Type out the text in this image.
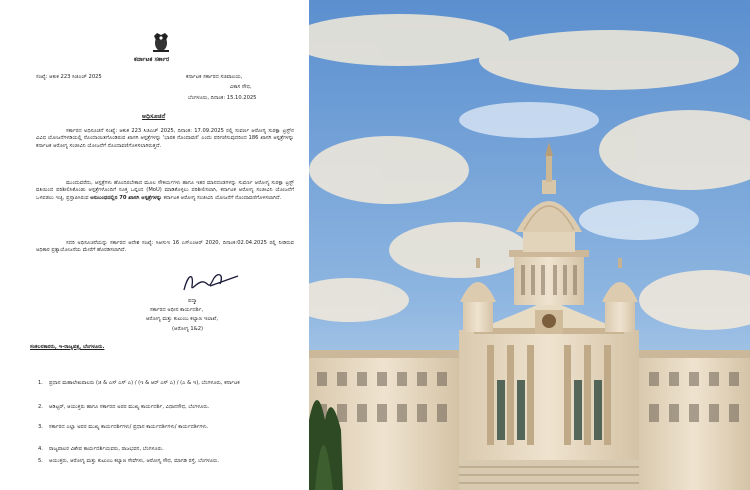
ಕರ್ನಾಟಕ ಸರ್ಕಾರ
ಸಂಖ್ಯೆ: ಆಕುಕ 223 ಸಿಜಿಎಚ್ 2025	ಕರ್ನಾಟಕ ಸರ್ಕಾರದ ಸಚಿವಾಲಯ,
ವಿಕಾಸ ಸೌಧ,
ಬೆಂಗಳೂರು, ದಿನಾಂಕ: 15.10.2025
ಅಧಿಸೂಚನೆ
ಸರ್ಕಾರದ ಅಧಿಸೂಚನೆ ಸಂಖ್ಯೆ: ಆಕುಕ 223 ಸಿಜಿಎಚ್ 2025, ದಿನಾಂಕ: 17.09.2025 ರಲ್ಲಿ ಸುವರ್ಣ ಆರೋಗ್ಯ ಸುರಕ್ಷಾ ಟ್ರಸ್ಟ್‌ನ ವಿವಿಧ ಯೋಜನೆಗಳಡಿಯಲ್ಲಿ ನೊಂದಾಯಿತಗೊಂಡಿರುವ ಖಾಸಗಿ ಆಸ್ಪತ್ರೆಗಳನ್ನು 'ಭಾರತ ನೊಂದಾವಣಿ' ಎಂದು ಪರಿಗಣಿಸುವುದರಿಂದ 186 ಖಾಸಗಿ ಆಸ್ಪತ್ರೆಗಳನ್ನು ಕರ್ನಾಟಕ ಆರೋಗ್ಯ ಸಂಜೀವಿನಿ ಯೋಜನೆಗೆ ನೊಂದಾವಣಿಗೊಳಿಸಲಾಗಿರುತ್ತದೆ.
ಮುಂದುವರೆದು, ಆಸ್ಪತ್ರೆಗಳು ಹೊಂದಿರಬೇಕಾದ ಮೂಲ ಸೌಕರ್ಯಗಳು ಹಾಗೂ ಇತರ ಮಾನದಂಡಗಳನ್ನು ಸುವರ್ಣ ಆರೋಗ್ಯ ಸುರಕ್ಷಾ ಟ್ರಸ್ಟ್ ವತಿಯಿಂದ ಪರಿಶೀಲಿಸಿಕೊಂಡು ಆಸ್ಪತ್ರೆಗಳೊಂದಿಗೆ ಸೂಕ್ತ ಒಪ್ಪಂದ (MoU) ಮಾಡಿಕೊಳ್ಳಲು ಪರಿಶೀಲಿಸಲಾಗಿ, ಕರ್ನಾಟಕ ಆರೋಗ್ಯ ಸಂಜೀವಿನಿ ಯೋಜನೆಗೆ ಒಳಪಡಲು ಇಚ್ಛಿ, ಪ್ರಸ್ತಾಪಿಸಿರುವ ಅನುಬಂಧದಲ್ಲಿನ 70 ಖಾಸಗಿ ಆಸ್ಪತ್ರೆಗಳನ್ನು ಕರ್ನಾಟಕ ಆರೋಗ್ಯ ಸಂಜೀವಿನಿ ಯೋಜನೆಗೆ ನೊಂದಾವಣಿಗೊಳಿಸಲಾಗಿದೆ.
ಸದರಿ ಅಧಿಸೂಚನೆಯನ್ನು ಸರ್ಕಾರದ ಆದೇಶ ಸಂಖ್ಯೆ: ಸಿಆಸುಇ 16 ಎಸ್‌ಎಂಆರ್ 2020, ದಿನಾಂಕ:02.04.2025 ರಲ್ಲಿ ನೀಡಿರುವ ಅಧಿಕಾರ ಪ್ರತ್ಯಾಯೋಜನೆಯ ಮೇರೆಗೆ ಹೊರಡಿಸಲಾಗಿದೆ.
ಪದ್ಮಾ
ಸರ್ಕಾರದ ಅಧೀನ ಕಾರ್ಯದರ್ಶಿ,
ಆರೋಗ್ಯ ಮತ್ತು ಕುಟುಂಬ ಕಲ್ಯಾಣ ಇಲಾಖೆ,
(ಆರೋಗ್ಯ 1&2)
ಸಂಕಲನಕಾರರು, ಇ-ರಾಜ್ಯಪತ್ರ, ಬೆಂಗಳೂರು.
1. ಪ್ರಧಾನ ಮಹಾಲೇಖಪಾಲರು (ಜಿ & ಎಸ್ ಎಸ್ ಎ) / (ಇ & ಆರ್ ಎಸ್ ಎ) / (ಎ & ಇ), ಬೆಂಗಳೂರು, ಕರ್ನಾಟಕ
2. ಆಡಿಟ್ಟರ್, ಆಯುಕ್ತರು ಹಾಗೂ ಸರ್ಕಾರದ ಅಪರ ಮುಖ್ಯ ಕಾರ್ಯದರ್ಶಿ, ವಿಧಾನಸೌಧ, ಬೆಂಗಳೂರು.
3. ಸರ್ಕಾರದ ಎಲ್ಲಾ ಅಪರ ಮುಖ್ಯ ಕಾರ್ಯದರ್ಶಿಗಳು/ ಪ್ರಧಾನ ಕಾರ್ಯದರ್ಶಿಗಳು/ ಕಾರ್ಯದರ್ಶಿಗಳು.
4. ರಾಜ್ಯಪಾಲರ ವಿಶೇಷ ಕಾರ್ಯದರ್ಶಿಯವರು, ರಾಜಭವನ, ಬೆಂಗಳೂರು.
5. ಆಯುಕ್ತರು, ಆರೋಗ್ಯ ಮತ್ತು ಕುಟುಂಬ ಕಲ್ಯಾಣ ಸೇವೆಗಳು, ಆರೋಗ್ಯ ಸೌಧ, ಮಾಗಡಿ ರಸ್ತೆ, ಬೆಂಗಳೂರು.
